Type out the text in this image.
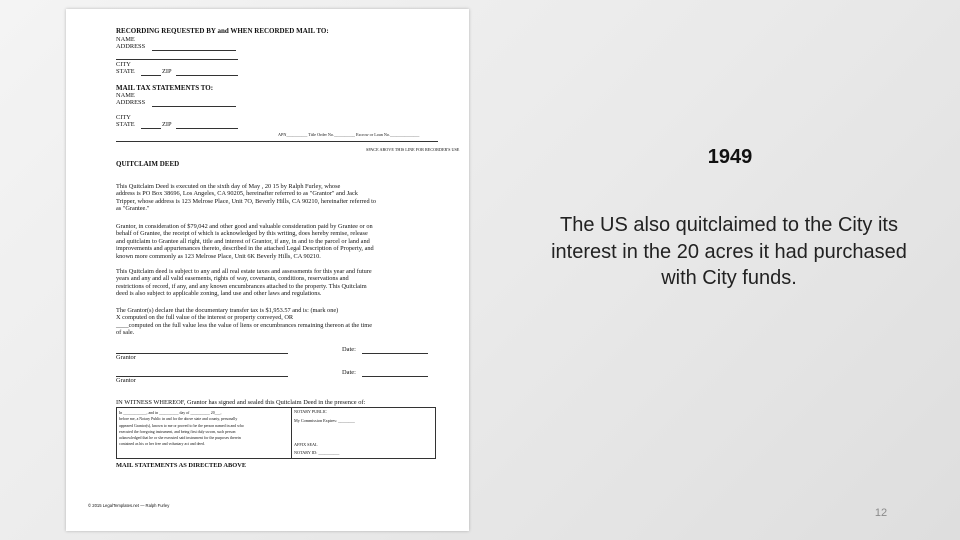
RECORDING REQUESTED BY and WHEN RECORDED MAIL TO:
NAME
ADDRESS
CITY
STATE	ZIP
MAIL TAX STATEMENTS TO:
NAME
ADDRESS
CITY
STATE	ZIP
APN__________ Title Order No.__________ Escrow or Loan No.______________
SPACE ABOVE THIS LINE FOR RECORDER'S USE
QUITCLAIM DEED
This Quitclaim Deed is executed on the sixth day of May , 20 15 by Ralph Furley, whose
address is PO Box 38696, Los Angeles, CA 90205, hereinafter referred to as "Grantor" and Jack
Tripper, whose address is 123 Melrose Place, Unit 7O, Beverly Hills, CA 90210, hereinafter referred to
as "Grantee."
Grantor, in consideration of $79,042 and other good and valuable consideration paid by Grantee or on
behalf of Grantee, the receipt of which is acknowledged by this writing, does hereby remise, release
and quitclaim to Grantee all right, title and interest of Grantor, if any, in and to the parcel or land and
improvements and appurtenances thereto, described in the attached Legal Description of Property, and
known more commonly as 123 Melrose Place, Unit 6K Beverly Hills, CA 90210.
This Quitclaim deed is subject to any and all real estate taxes and assessments for this year and future
years and any and all valid easements, rights of way, covenants, conditions, reservations and
restrictions of record, if any, and any known encumbrances attached to the property. This Quitclaim
deed is also subject to applicable zoning, land use and other laws and regulations.
The Grantor(s) declare that the documentary transfer tax is $1,953.57 and is: (mark one)
X computed on the full value of the interest or property conveyed, OR
____computed on the full value less the value of liens or encumbrances remaining thereon at the time
of sale.
Grantor
Date:
Grantor
Date:
IN WITNESS WHEREOF, Grantor has signed and sealed this Quitclaim Deed in the presence of:
In ____________, and in __________ day of __________ 20___,
before me, a Notary Public in and for the above state and county, personally
appeared Grantor(s), known to me or proved to be the person named in and who
executed the foregoing instrument, and being first duly sworn, such person
acknowledged that he or she executed said instrument for the purposes therein
contained as his or her free and voluntary act and deed.
NOTARY PUBLIC
My Commission Expires: ________
AFFIX SEAL
NOTARY ID: __________
MAIL STATEMENTS AS DIRECTED ABOVE
© 2015 LegalTemplates.net — Ralph Furley
1949
The US also quitclaimed to the City its interest in the 20 acres it had purchased with City funds.
12
